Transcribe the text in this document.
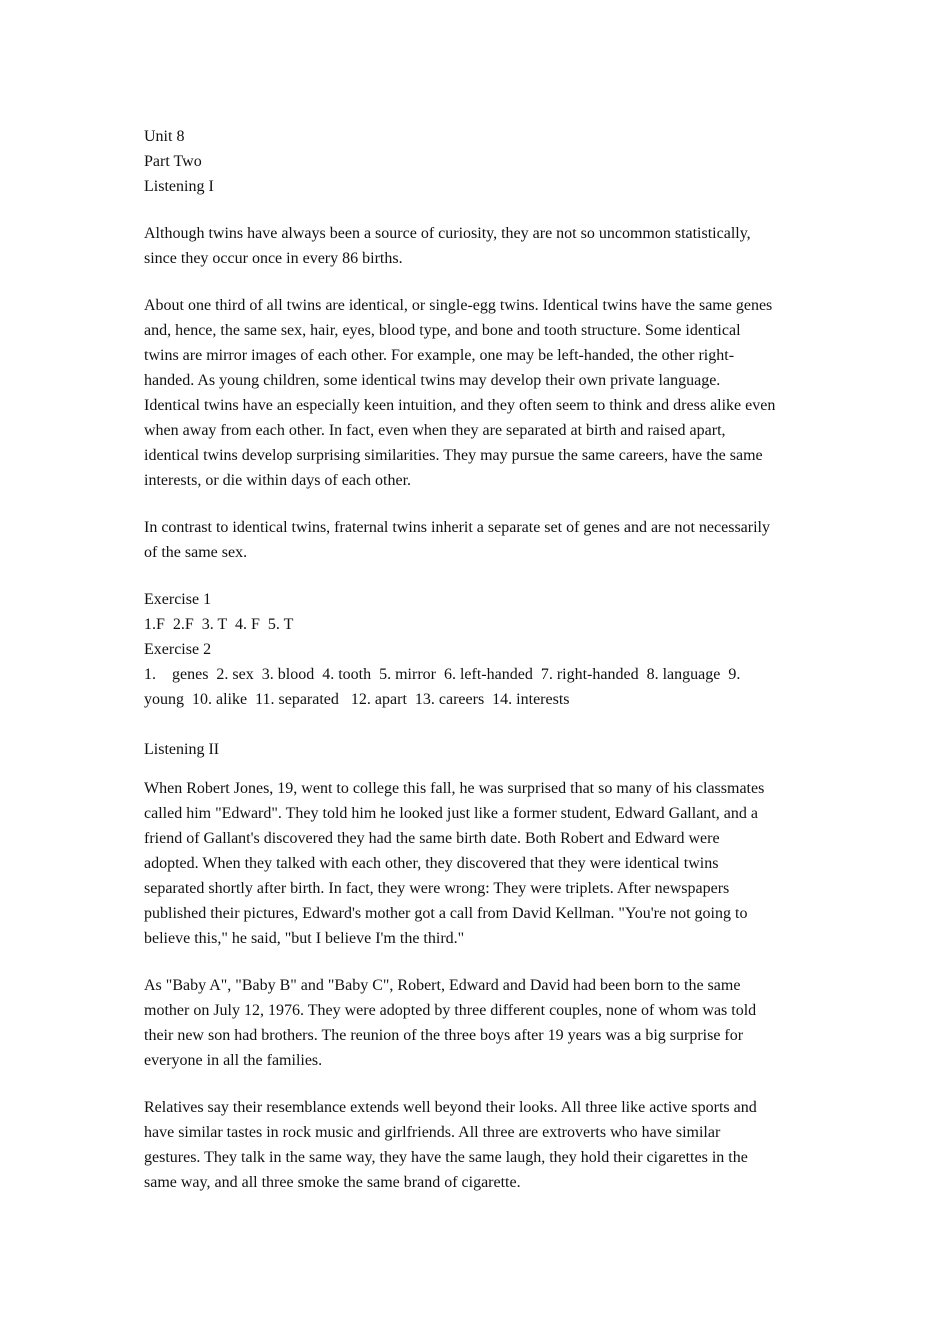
Unit 8
Part Two
Listening I
Although twins have always been a source of curiosity, they are not so uncommon statistically,
since they occur once in every 86 births.
About one third of all twins are identical, or single-egg twins. Identical twins have the same genes
and, hence, the same sex, hair, eyes, blood type, and bone and tooth structure. Some identical
twins are mirror images of each other. For example, one may be left-handed, the other right-
handed. As young children, some identical twins may develop their own private language.
Identical twins have an especially keen intuition, and they often seem to think and dress alike even
when away from each other. In fact, even when they are separated at birth and raised apart,
identical twins develop surprising similarities. They may pursue the same careers, have the same
interests, or die within days of each other.
In contrast to identical twins, fraternal twins inherit a separate set of genes and are not necessarily
of the same sex.
Exercise 1
1.F  2.F  3. T  4. F  5. T
Exercise 2
1.    genes  2. sex  3. blood  4. tooth  5. mirror  6. left-handed  7. right-handed  8. language  9.
young  10. alike  11. separated   12. apart  13. careers  14. interests
Listening II
When Robert Jones, 19, went to college this fall, he was surprised that so many of his classmates
called him "Edward". They told him he looked just like a former student, Edward Gallant, and a
friend of Gallant's discovered they had the same birth date. Both Robert and Edward were
adopted. When they talked with each other, they discovered that they were identical twins
separated shortly after birth. In fact, they were wrong: They were triplets. After newspapers
published their pictures, Edward's mother got a call from David Kellman. "You're not going to
believe this," he said, "but I believe I'm the third."
As "Baby A", "Baby B" and "Baby C", Robert, Edward and David had been born to the same
mother on July 12, 1976. They were adopted by three different couples, none of whom was told
their new son had brothers. The reunion of the three boys after 19 years was a big surprise for
everyone in all the families.
Relatives say their resemblance extends well beyond their looks. All three like active sports and
have similar tastes in rock music and girlfriends. All three are extroverts who have similar
gestures. They talk in the same way, they have the same laugh, they hold their cigarettes in the
same way, and all three smoke the same brand of cigarette.
